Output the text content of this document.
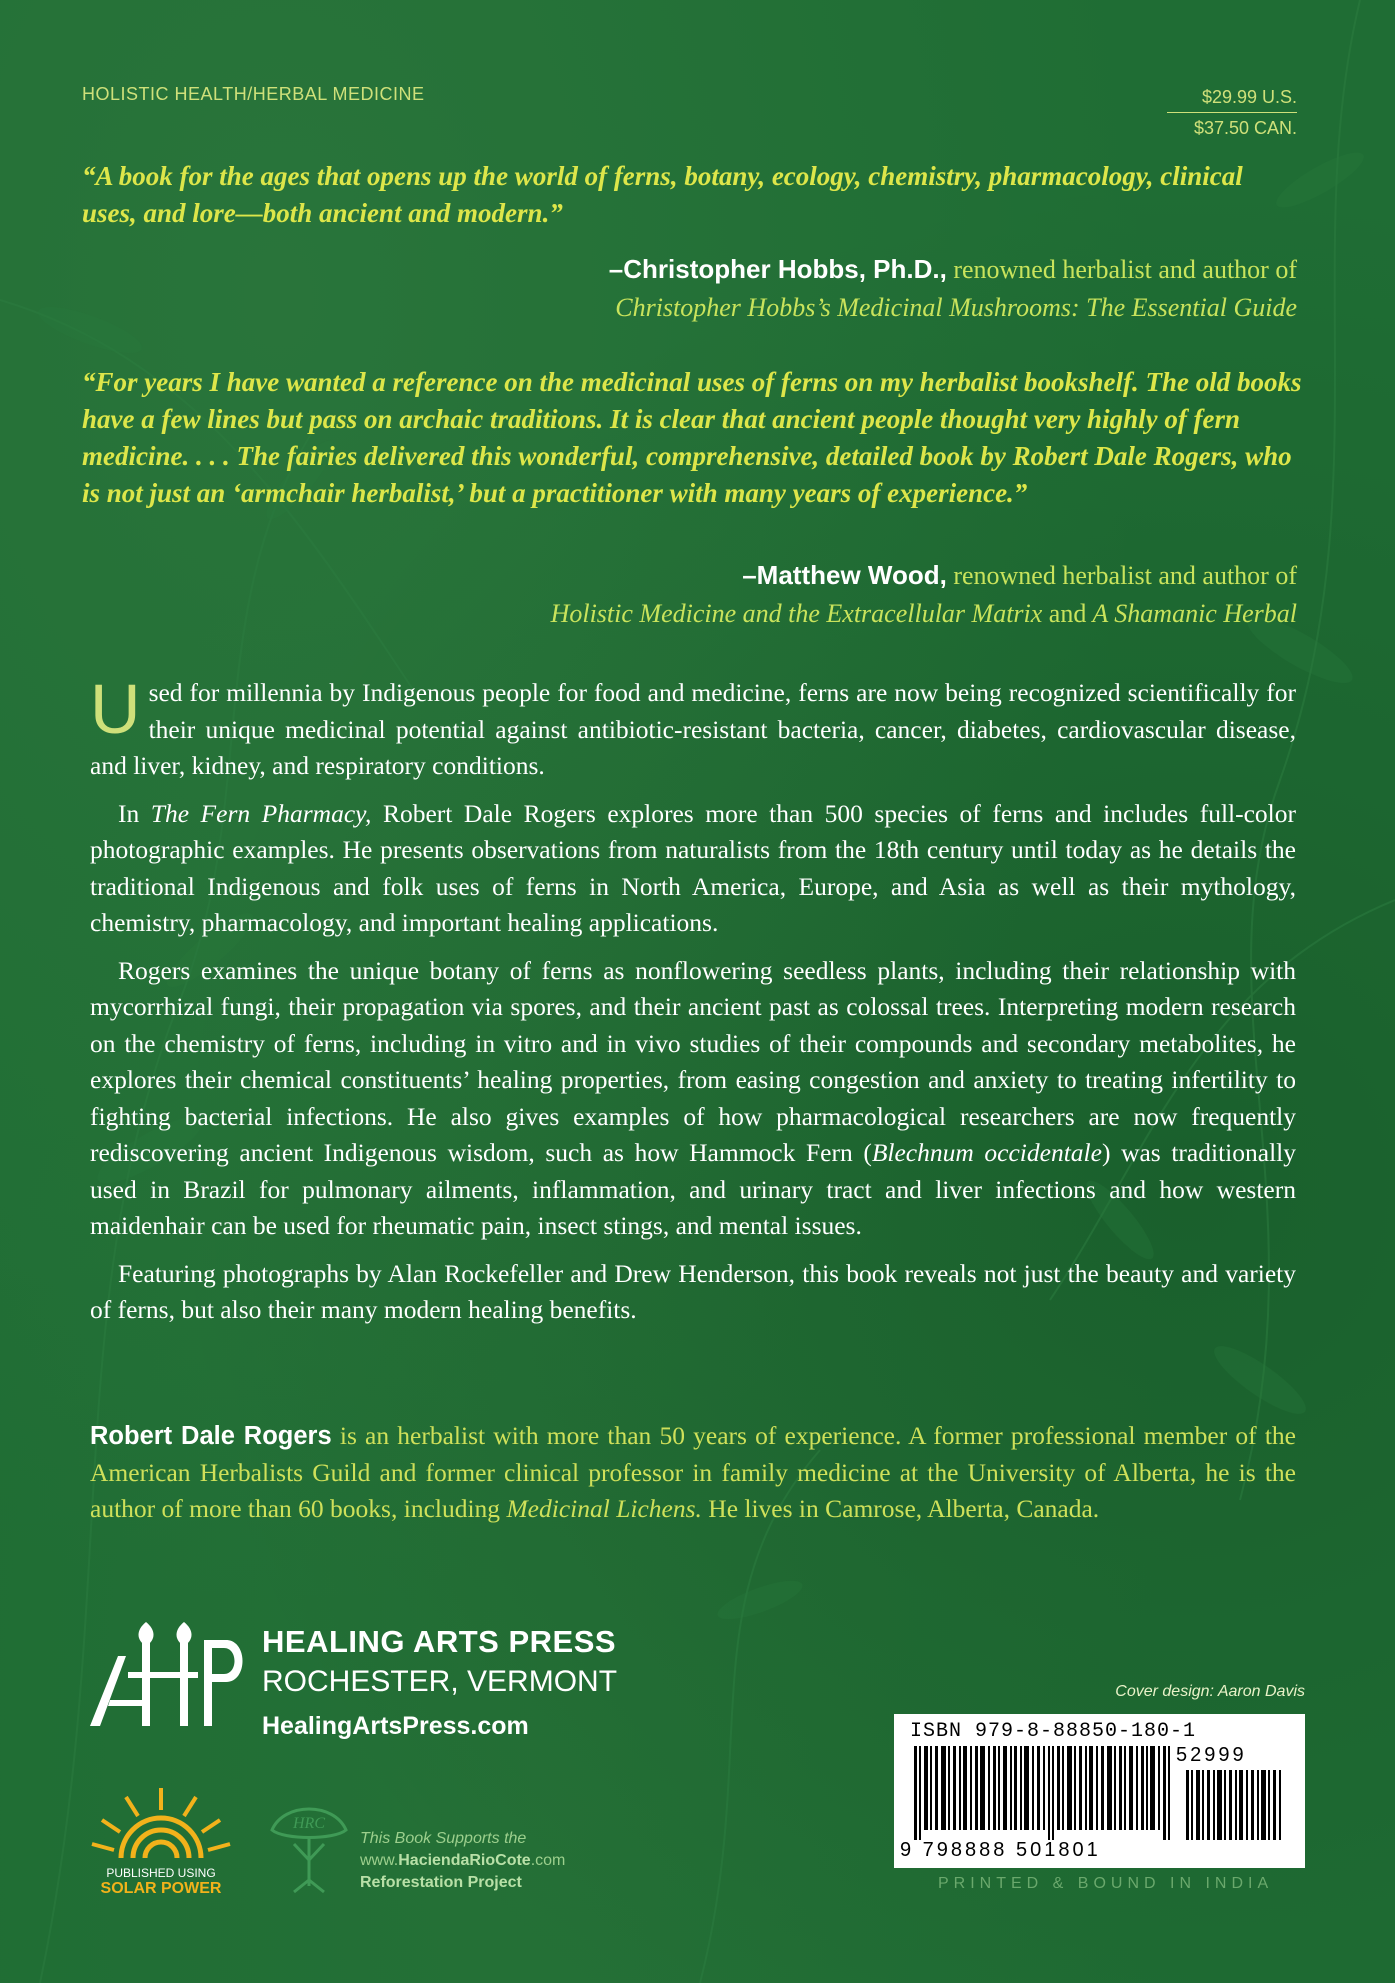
HOLISTIC HEALTH/HERBAL MEDICINE	$29.99 U.S.
$37.50 CAN.

“A book for the ages that opens up the world of ferns, botany, ecology, chemistry, pharmacology, clinical uses, and lore—both ancient and modern.”

–Christopher Hobbs, Ph.D., renowned herbalist and author of
Christopher Hobbs’s Medicinal Mushrooms: The Essential Guide

“For years I have wanted a reference on the medicinal uses of ferns on my herbalist bookshelf. The old books have a few lines but pass on archaic traditions. It is clear that ancient people thought very highly of fern medicine. . . . The fairies delivered this wonderful, comprehensive, detailed book by Robert Dale Rogers, who is not just an ‘armchair herbalist,’ but a practitioner with many years of experience.”

–Matthew Wood, renowned herbalist and author of
Holistic Medicine and the Extracellular Matrix and A Shamanic Herbal

Used for millennia by Indigenous people for food and medicine, ferns are now being recognized scientifically for their unique medicinal potential against antibiotic-resistant bacteria, cancer, diabetes, cardiovascular disease, and liver, kidney, and respiratory conditions.

In The Fern Pharmacy, Robert Dale Rogers explores more than 500 species of ferns and includes full-color photographic examples. He presents observations from naturalists from the 18th century until today as he details the traditional Indigenous and folk uses of ferns in North America, Europe, and Asia as well as their mythology, chemistry, pharmacology, and important healing applications.

Rogers examines the unique botany of ferns as nonflowering seedless plants, including their relationship with mycorrhizal fungi, their propagation via spores, and their ancient past as colossal trees. Interpreting modern research on the chemistry of ferns, including in vitro and in vivo studies of their compounds and secondary metabolites, he explores their chemical constituents’ healing properties, from easing congestion and anxiety to treating infertility to fighting bacterial infections. He also gives examples of how pharmacological researchers are now frequently rediscovering ancient Indigenous wisdom, such as how Hammock Fern (Blechnum occidentale) was traditionally used in Brazil for pulmonary ailments, inflammation, and urinary tract and liver infections and how western maidenhair can be used for rheumatic pain, insect stings, and mental issues.

Featuring photographs by Alan Rockefeller and Drew Henderson, this book reveals not just the beauty and variety of ferns, but also their many modern healing benefits.

Robert Dale Rogers is an herbalist with more than 50 years of experience. A former professional member of the American Herbalists Guild and former clinical professor in family medicine at the University of Alberta, he is the author of more than 60 books, including Medicinal Lichens. He lives in Camrose, Alberta, Canada.
HEALING ARTS PRESS
ROCHESTER, VERMONT
HealingArtsPress.com
Cover design: Aaron Davis
ISBN 979-8-88850-180-1
52999
9 798888 501801
PRINTED & BOUND IN INDIA
PUBLISHED USING
SOLAR POWER
HRC
This Book Supports the
www.HaciendaRioCote.com
Reforestation Project
